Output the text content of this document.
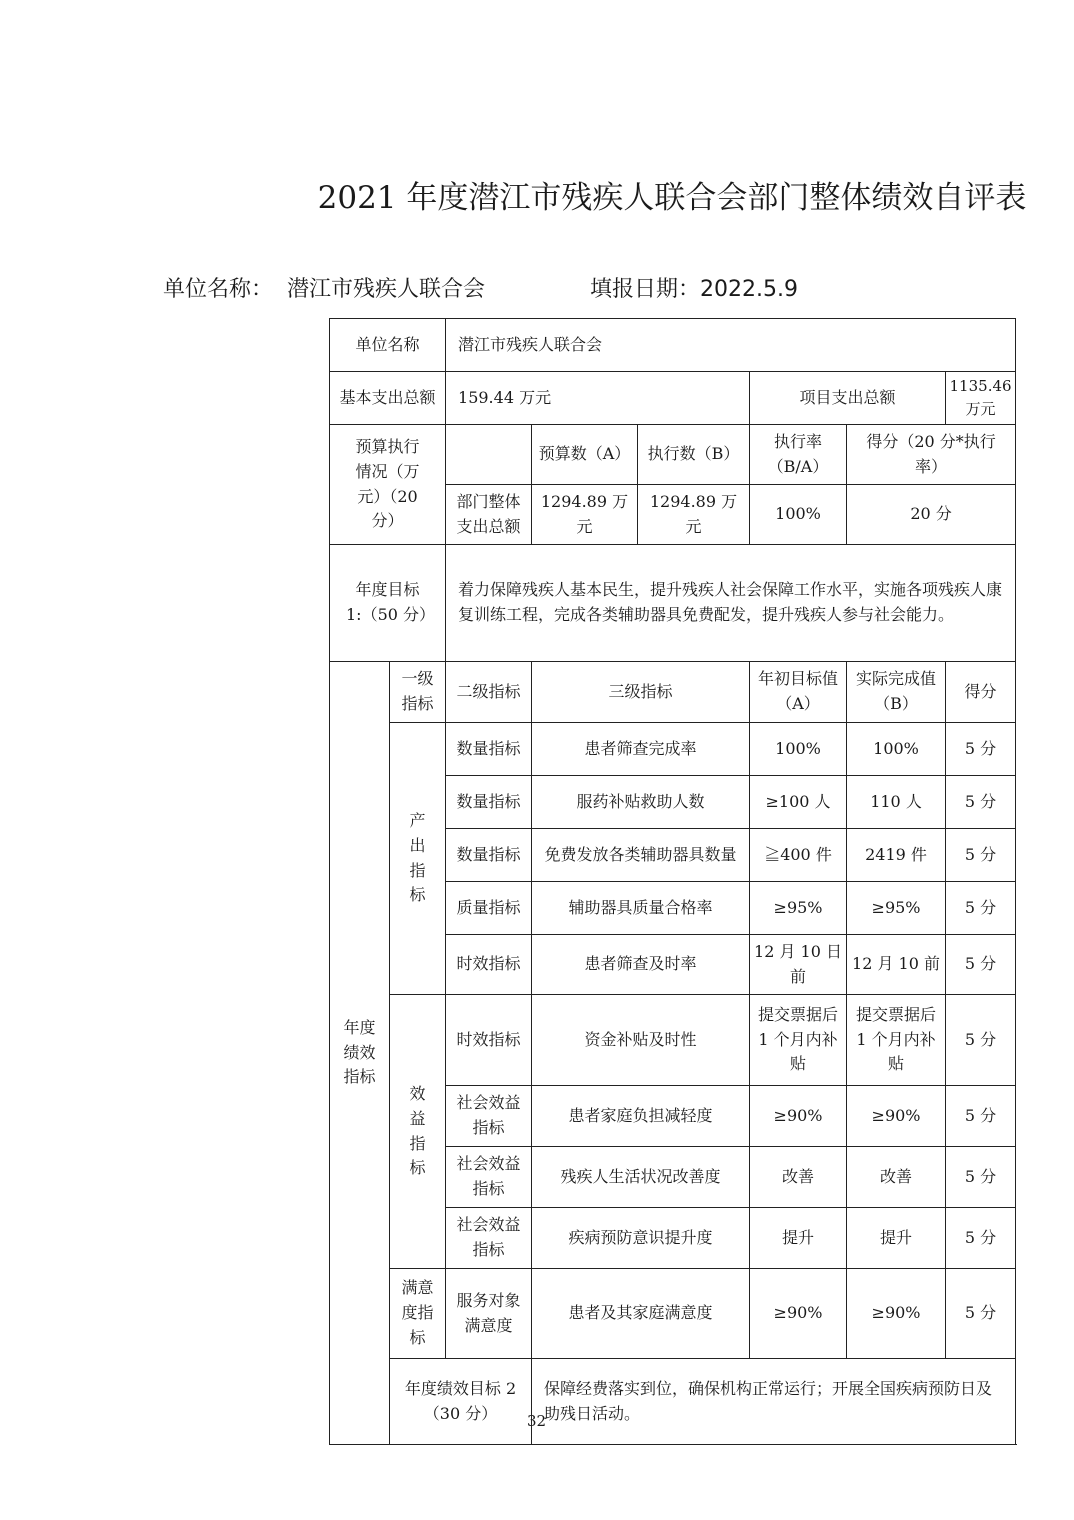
2021 年度潜江市残疾人联合会部门整体绩效自评表
单位名称： 潜江市残疾人联合会	填报日期：2022.5.9
单位名称		潜江市残疾人联合会					
基本支出总额		159.44 万元			项目支出总额		1135.46 万元
预算执行情况（万元）（20 分）			预算数（A）	执行数（B）	执行率（B/A）	得分（20 分*执行率）	
		部门整体支出总额	1294.89 万元	1294.89 万元	100%	20 分	
年度目标 1:（50 分）		着力保障残疾人基本民生，提升残疾人社会保障工作水平，实施各项残疾人康复训练工程，完成各类辅助器具免费配发，提升残疾人参与社会能力。					
年度绩效指标	一级指标	二级指标	三级指标		年初目标值（A）	实际完成值（B）	得分
	产出指标	数量指标	患者筛查完成率		100%	100%	5 分
		数量指标	服药补贴救助人数		≥100 人	110 人	5 分
		数量指标	免费发放各类辅助器具数量		≧400 件	2419 件	5 分
		质量指标	辅助器具质量合格率		≥95%	≥95%	5 分
		时效指标	患者筛查及时率		12 月 10 日前	12 月 10 前	5 分
	效益指标	时效指标	资金补贴及时性		提交票据后 1 个月内补贴	提交票据后 1 个月内补贴	5 分
		社会效益指标	患者家庭负担减轻度		≥90%	≥90%	5 分
		社会效益指标	残疾人生活状况改善度		改善	改善	5 分
		社会效益指标	疾病预防意识提升度		提升	提升	5 分
	满意度指标	服务对象满意度	患者及其家庭满意度		≥90%	≥90%	5 分
	年度绩效目标 2（30 分）		保障经费落实到位，确保机构正常运行；开展全国疾病预防日及助残日活动。				
32
